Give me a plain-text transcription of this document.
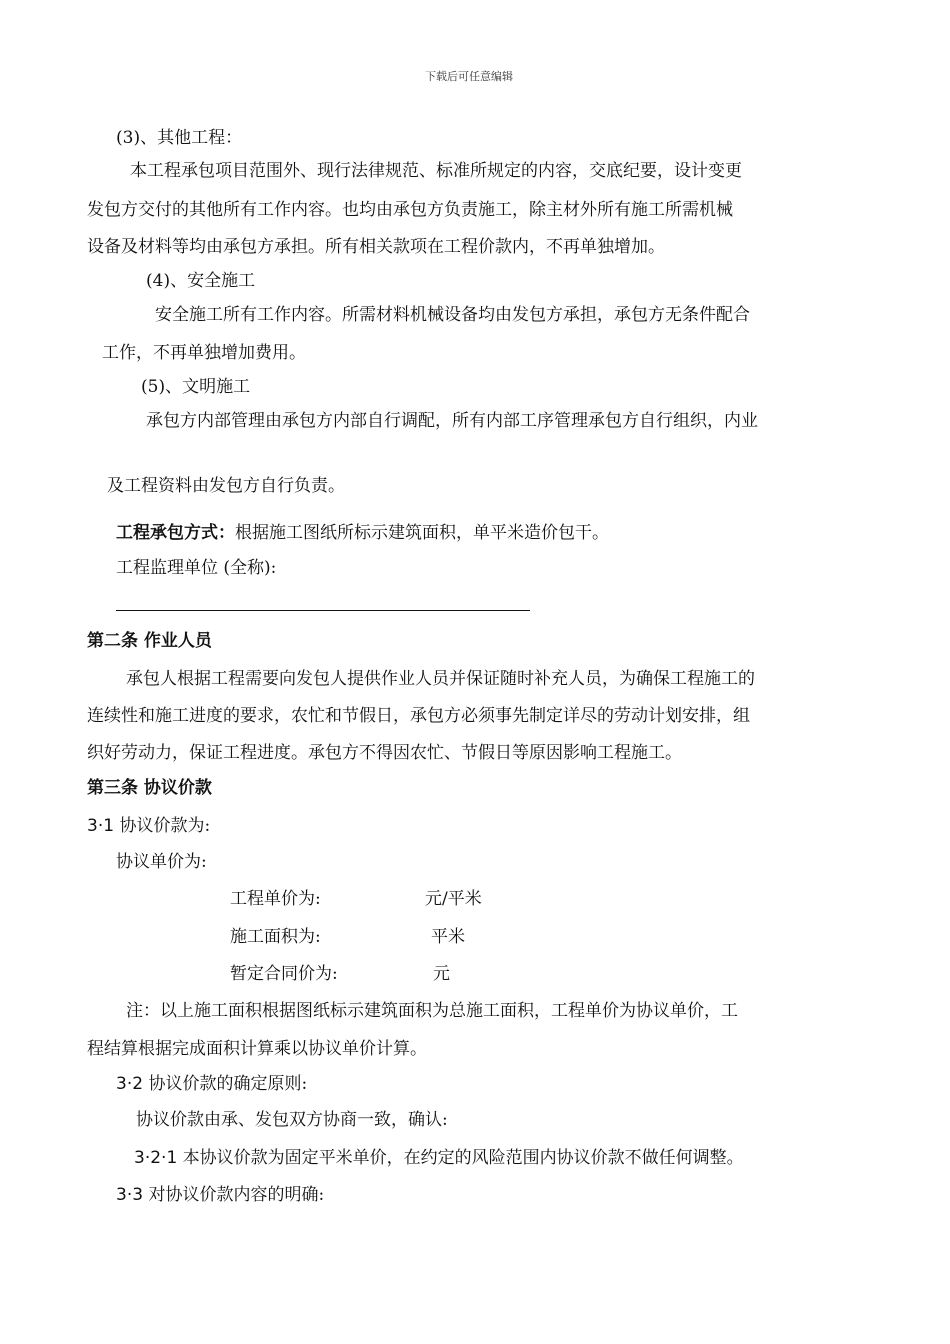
下载后可任意编辑
(3)、其他工程：
本工程承包项目范围外、现行法律规范、标准所规定的内容，交底纪要，设计变更
发包方交付的其他所有工作内容。也均由承包方负责施工，除主材外所有施工所需机械
设备及材料等均由承包方承担。所有相关款项在工程价款内，不再单独增加。
(4)、安全施工
安全施工所有工作内容。所需材料机械设备均由发包方承担，承包方无条件配合
工作，不再单独增加费用。
(5)、文明施工
承包方内部管理由承包方内部自行调配，所有内部工序管理承包方自行组织，内业
及工程资料由发包方自行负责。
工程承包方式：根据施工图纸所标示建筑面积，单平米造价包干。
工程监理单位 (全称):
第二条 作业人员
承包人根据工程需要向发包人提供作业人员并保证随时补充人员，为确保工程施工的
连续性和施工进度的要求，农忙和节假日，承包方必须事先制定详尽的劳动计划安排，组
织好劳动力，保证工程进度。承包方不得因农忙、节假日等原因影响工程施工。
第三条 协议价款
3·1 协议价款为:
协议单价为:
工程单价为:	元/平米
施工面积为:	平米
暂定合同价为:	元
注：以上施工面积根据图纸标示建筑面积为总施工面积，工程单价为协议单价，工
程结算根据完成面积计算乘以协议单价计算。
3·2 协议价款的确定原则:
协议价款由承、发包双方协商一致，确认:
3·2·1 本协议价款为固定平米单价，在约定的风险范围内协议价款不做任何调整。
3·3 对协议价款内容的明确:
